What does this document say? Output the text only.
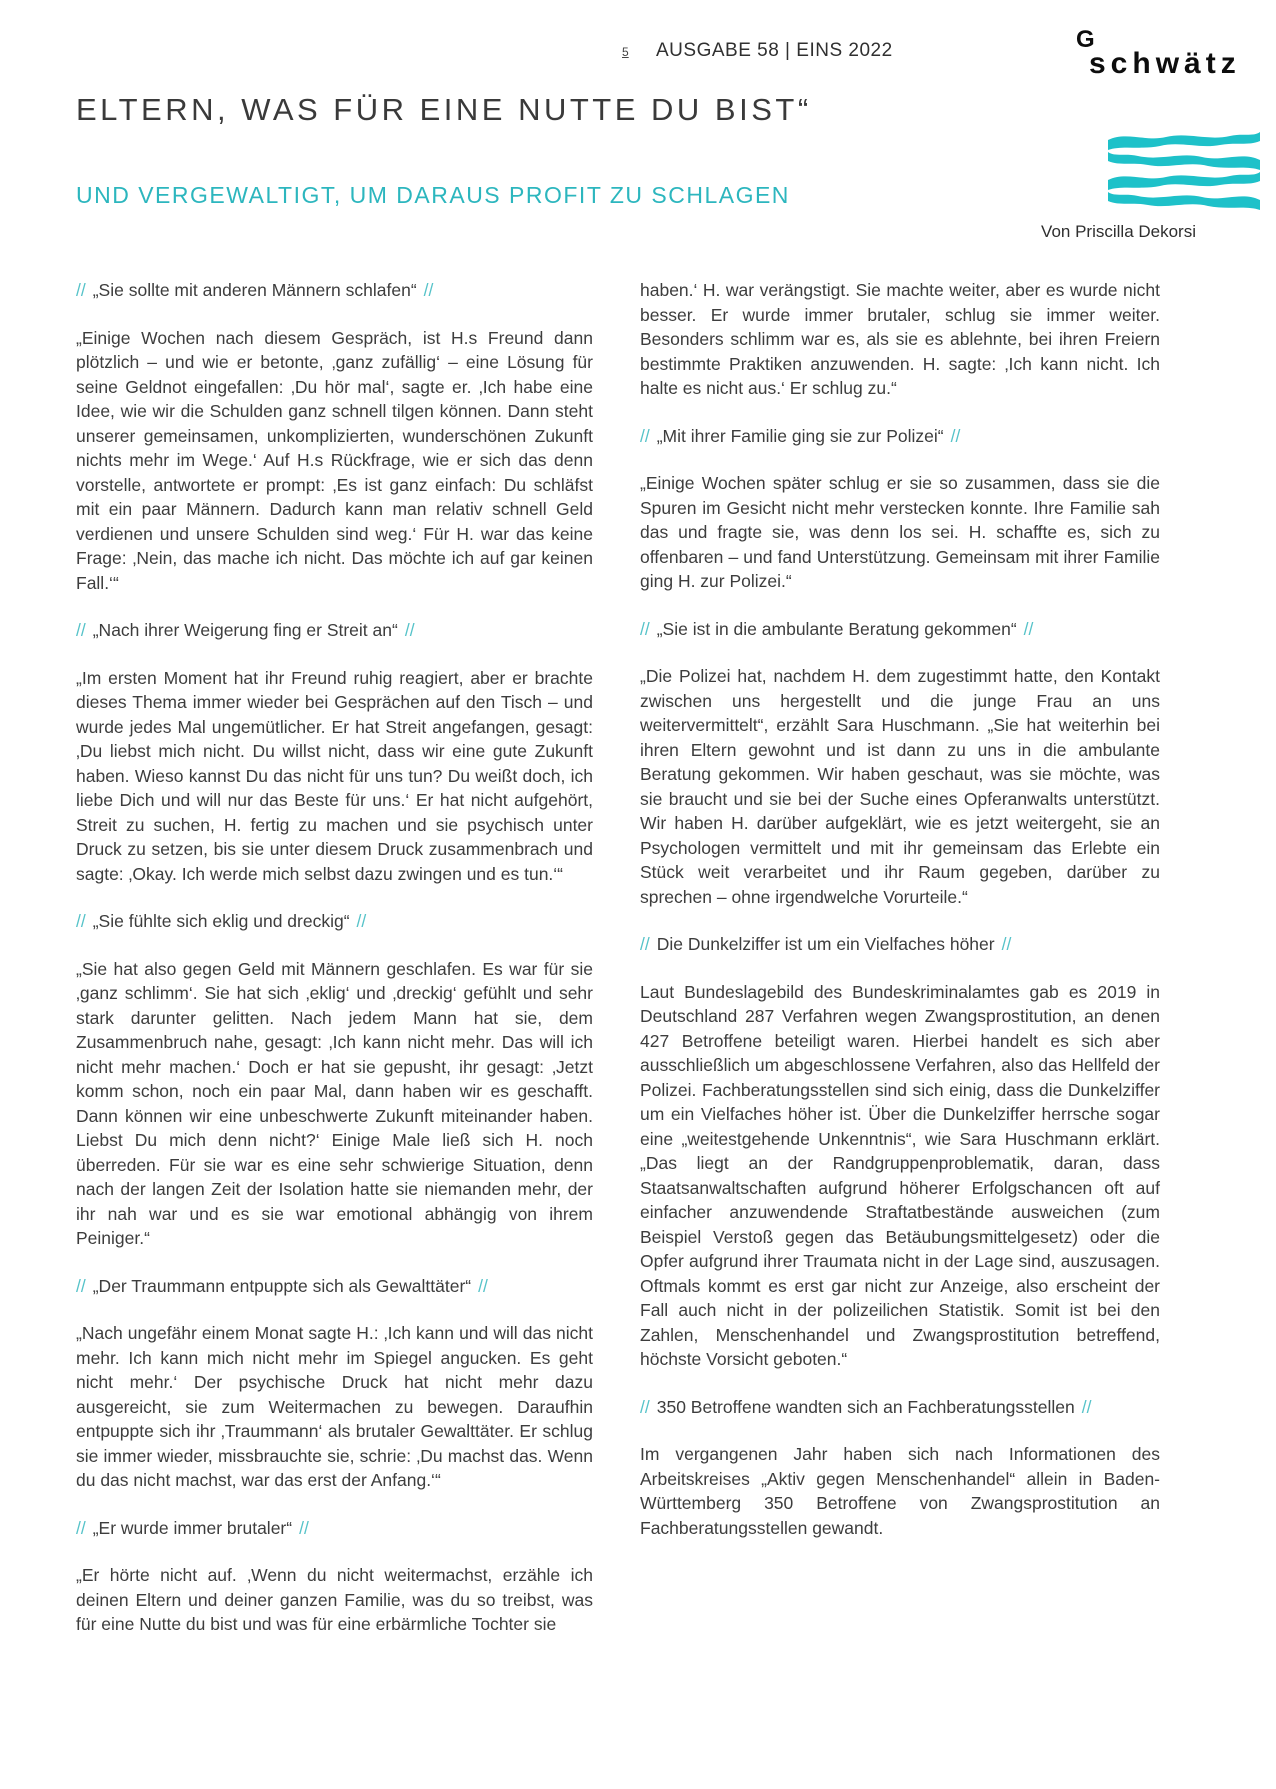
5 AUSGABE 58 | EINS 2022	G
schwätz
ELTERN, WAS FÜR EINE NUTTE DU BIST“
UND VERGEWALTIGT, UM DARAUS PROFIT ZU SCHLAGEN
Von Priscilla Dekorsi
// „Sie sollte mit anderen Männern schlafen“ //

„Einige Wochen nach diesem Gespräch, ist H.s Freund dann plötzlich – und wie er betonte, ‚ganz zufällig‘ – eine Lösung für seine Geldnot eingefallen: ‚Du hör mal‘, sagte er. ‚Ich habe eine Idee, wie wir die Schulden ganz schnell tilgen können. Dann steht unserer gemeinsamen, unkomplizierten, wunderschönen Zukunft nichts mehr im Wege.‘ Auf H.s Rückfrage, wie er sich das denn vorstelle, antwortete er prompt: ‚Es ist ganz einfach: Du schläfst mit ein paar Männern. Dadurch kann man relativ schnell Geld verdienen und unsere Schulden sind weg.‘ Für H. war das keine Frage: ‚Nein, das mache ich nicht. Das möchte ich auf gar keinen Fall.‘“

// „Nach ihrer Weigerung fing er Streit an“ //

„Im ersten Moment hat ihr Freund ruhig reagiert, aber er brachte dieses Thema immer wieder bei Gesprächen auf den Tisch – und wurde jedes Mal ungemütlicher. Er hat Streit angefangen, gesagt: ‚Du liebst mich nicht. Du willst nicht, dass wir eine gute Zukunft haben. Wieso kannst Du das nicht für uns tun? Du weißt doch, ich liebe Dich und will nur das Beste für uns.‘ Er hat nicht aufgehört, Streit zu suchen, H. fertig zu machen und sie psychisch unter Druck zu setzen, bis sie unter diesem Druck zusammenbrach und sagte: ‚Okay. Ich werde mich selbst dazu zwingen und es tun.‘“

// „Sie fühlte sich eklig und dreckig“ //

„Sie hat also gegen Geld mit Männern geschlafen. Es war für sie ‚ganz schlimm‘. Sie hat sich ‚eklig‘ und ‚dreckig‘ gefühlt und sehr stark darunter gelitten. Nach jedem Mann hat sie, dem Zusammenbruch nahe, gesagt: ‚Ich kann nicht mehr. Das will ich nicht mehr machen.‘ Doch er hat sie gepusht, ihr gesagt: ‚Jetzt komm schon, noch ein paar Mal, dann haben wir es geschafft. Dann können wir eine unbeschwerte Zukunft miteinander haben. Liebst Du mich denn nicht?‘ Einige Male ließ sich H. noch überreden. Für sie war es eine sehr schwierige Situation, denn nach der langen Zeit der Isolation hatte sie niemanden mehr, der ihr nah war und es sie war emotional abhängig von ihrem Peiniger.“

// „Der Traummann entpuppte sich als Gewalttäter“ //

„Nach ungefähr einem Monat sagte H.: ‚Ich kann und will das nicht mehr. Ich kann mich nicht mehr im Spiegel angucken. Es geht nicht mehr.‘ Der psychische Druck hat nicht mehr dazu ausgereicht, sie zum Weitermachen zu bewegen. Daraufhin entpuppte sich ihr ‚Traummann‘ als brutaler Gewalttäter. Er schlug sie immer wieder, missbrauchte sie, schrie: ‚Du machst das. Wenn du das nicht machst, war das erst der Anfang.‘“

// „Er wurde immer brutaler“ //

„Er hörte nicht auf. ‚Wenn du nicht weitermachst, erzähle ich deinen Eltern und deiner ganzen Familie, was du so treibst, was für eine Nutte du bist und was für eine erbärmliche Tochter sie

haben.‘ H. war verängstigt. Sie machte weiter, aber es wurde nicht besser. Er wurde immer brutaler, schlug sie immer weiter. Besonders schlimm war es, als sie es ablehnte, bei ihren Freiern bestimmte Praktiken anzuwenden. H. sagte: ‚Ich kann nicht. Ich halte es nicht aus.‘ Er schlug zu.“

// „Mit ihrer Familie ging sie zur Polizei“ //

„Einige Wochen später schlug er sie so zusammen, dass sie die Spuren im Gesicht nicht mehr verstecken konnte. Ihre Familie sah das und fragte sie, was denn los sei. H. schaffte es, sich zu offenbaren – und fand Unterstützung. Gemeinsam mit ihrer Familie ging H. zur Polizei.“

// „Sie ist in die ambulante Beratung gekommen“ //

„Die Polizei hat, nachdem H. dem zugestimmt hatte, den Kontakt zwischen uns hergestellt und die junge Frau an uns weitervermittelt“, erzählt Sara Huschmann. „Sie hat weiterhin bei ihren Eltern gewohnt und ist dann zu uns in die ambulante Beratung gekommen. Wir haben geschaut, was sie möchte, was sie braucht und sie bei der Suche eines Opferanwalts unterstützt. Wir haben H. darüber aufgeklärt, wie es jetzt weitergeht, sie an Psychologen vermittelt und mit ihr gemeinsam das Erlebte ein Stück weit verarbeitet und ihr Raum gegeben, darüber zu sprechen – ohne irgendwelche Vorurteile.“

// Die Dunkelziffer ist um ein Vielfaches höher //

Laut Bundeslagebild des Bundeskriminalamtes gab es 2019 in Deutschland 287 Verfahren wegen Zwangsprostitution, an denen 427 Betroffene beteiligt waren. Hierbei handelt es sich aber ausschließlich um abgeschlossene Verfahren, also das Hellfeld der Polizei. Fachberatungsstellen sind sich einig, dass die Dunkelziffer um ein Vielfaches höher ist. Über die Dunkelziffer herrsche sogar eine „weitestgehende Unkenntnis“, wie Sara Huschmann erklärt. „Das liegt an der Randgruppenproblematik, daran, dass Staatsanwaltschaften aufgrund höherer Erfolgschancen oft auf einfacher anzuwendende Straftatbestände ausweichen (zum Beispiel Verstoß gegen das Betäubungsmittelgesetz) oder die Opfer aufgrund ihrer Traumata nicht in der Lage sind, auszusagen. Oftmals kommt es erst gar nicht zur Anzeige, also erscheint der Fall auch nicht in der polizeilichen Statistik. Somit ist bei den Zahlen, Menschenhandel und Zwangsprostitution betreffend, höchste Vorsicht geboten.“

// 350 Betroffene wandten sich an Fachberatungsstellen //

Im vergangenen Jahr haben sich nach Informationen des Arbeitskreises „Aktiv gegen Menschenhandel“ allein in Baden-Württemberg 350 Betroffene von Zwangsprostitution an Fachberatungsstellen gewandt.
